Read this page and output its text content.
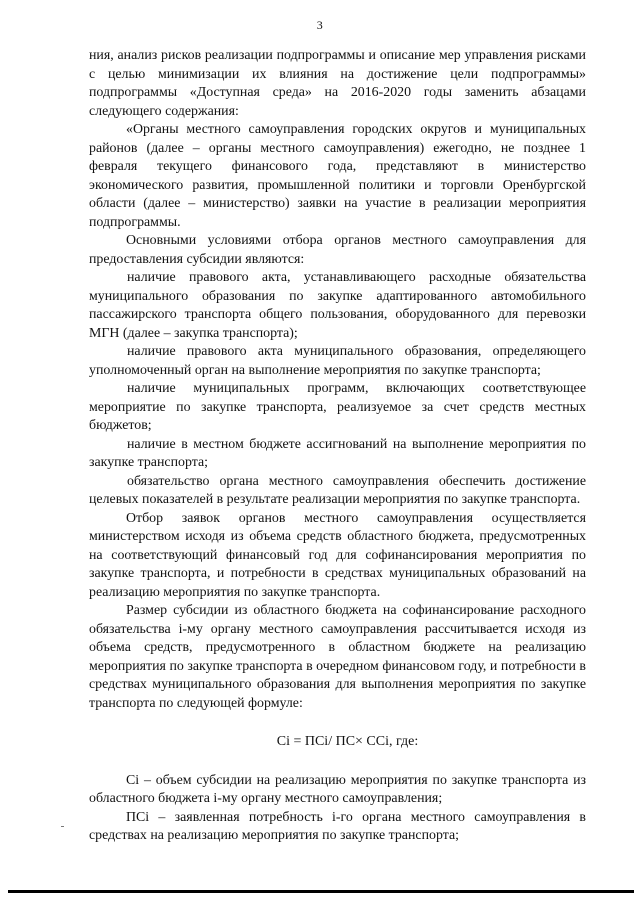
3

ния, анализ рисков реализации подпрограммы и описание мер управления рисками с целью минимизации их влияния на достижение цели подпрограммы» подпрограммы «Доступная среда» на 2016-2020 годы заменить абзацами следующего содержания:

«Органы местного самоуправления городских округов и муниципальных районов (далее – органы местного самоуправления) ежегодно, не позднее 1 февраля текущего финансового года, представляют в министерство экономического развития, промышленной политики и торговли Оренбургской области (далее – министерство) заявки на участие в реализации мероприятия подпрограммы.

Основными условиями отбора органов местного самоуправления для предоставления субсидии являются:

наличие правового акта, устанавливающего расходные обязательства муниципального образования по закупке адаптированного автомобильного пассажирского транспорта общего пользования, оборудованного для перевозки МГН (далее – закупка транспорта);

наличие правового акта муниципального образования, определяющего уполномоченный орган на выполнение мероприятия по закупке транспорта;

наличие муниципальных программ, включающих соответствующее мероприятие по закупке транспорта, реализуемое за счет средств местных бюджетов;

наличие в местном бюджете ассигнований на выполнение мероприятия по закупке транспорта;

обязательство органа местного самоуправления обеспечить достижение целевых показателей в результате реализации мероприятия по закупке транспорта.

Отбор заявок органов местного самоуправления осуществляется министерством исходя из объема средств областного бюджета, предусмотренных на соответствующий финансовый год для софинансирования мероприятия по закупке транспорта, и потребности в средствах муниципальных образований на реализацию мероприятия по закупке транспорта.

Размер субсидии из областного бюджета на софинансирование расходного обязательства i-му органу местного самоуправления рассчитывается исходя из объема средств, предусмотренного в областном бюджете на реализацию мероприятия по закупке транспорта в очередном финансовом году, и потребности в средствах муниципального образования для выполнения мероприятия по закупке транспорта по следующей формуле:

Сi = ПСi/ ПС× ССi, где:

Сi – объем субсидии на реализацию мероприятия по закупке транспорта из областного бюджета i-му органу местного самоуправления;

ПСi – заявленная потребность i-го органа местного самоуправления в средствах на реализацию мероприятия по закупке транспорта;
